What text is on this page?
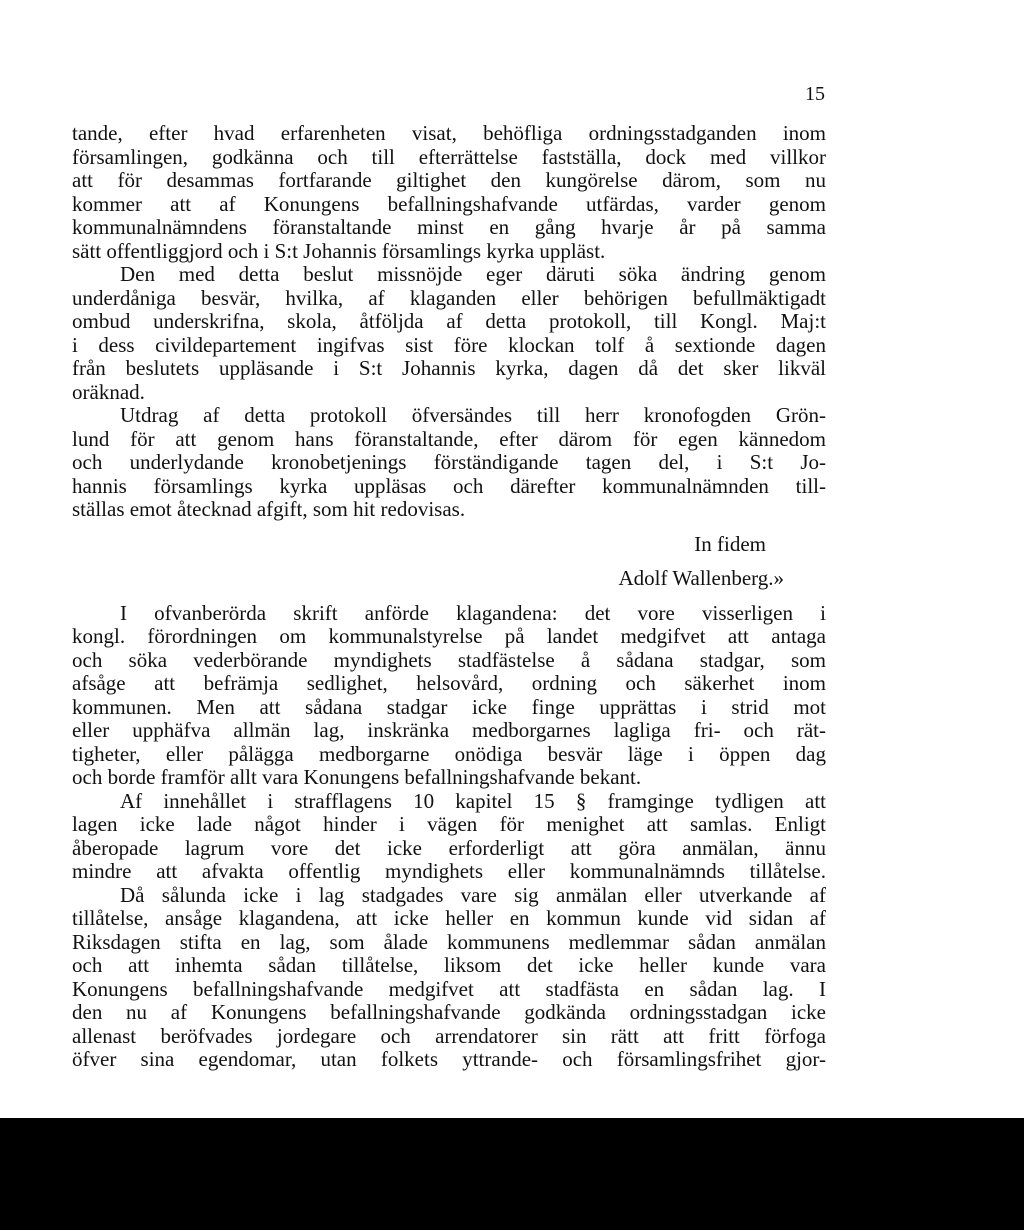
15
tande, efter hvad erfarenheten visat, behöfliga ordningsstadganden inom
församlingen, godkänna och till efterrättelse fastställa, dock med villkor
att för desammas fortfarande giltighet den kungörelse därom, som nu
kommer att af Konungens befallningshafvande utfärdas, varder genom
kommunalnämndens föranstaltande minst en gång hvarje år på samma
sätt offentliggjord och i S:t Johannis församlings kyrka uppläst.
Den med detta beslut missnöjde eger däruti söka ändring genom
underdåniga besvär, hvilka, af klaganden eller behörigen befullmäktigadt
ombud underskrifna, skola, åtföljda af detta protokoll, till Kongl. Maj:t
i dess civildepartement ingifvas sist före klockan tolf å sextionde dagen
från beslutets uppläsande i S:t Johannis kyrka, dagen då det sker likväl
oräknad.
Utdrag af detta protokoll öfversändes till herr kronofogden Grön-
lund för att genom hans föranstaltande, efter därom för egen kännedom
och underlydande kronobetjenings förständigande tagen del, i S:t Jo-
hannis församlings kyrka uppläsas och därefter kommunalnämnden till-
ställas emot åtecknad afgift, som hit redovisas.
In fidem
Adolf Wallenberg.»
I ofvanberörda skrift anförde klagandena: det vore visserligen i
kongl. förordningen om kommunalstyrelse på landet medgifvet att antaga
och söka vederbörande myndighets stadfästelse å sådana stadgar, som
afsåge att befrämja sedlighet, helsovård, ordning och säkerhet inom
kommunen. Men att sådana stadgar icke finge upprättas i strid mot
eller upphäfva allmän lag, inskränka medborgarnes lagliga fri- och rät-
tigheter, eller pålägga medborgarne onödiga besvär läge i öppen dag
och borde framför allt vara Konungens befallningshafvande bekant.
Af innehållet i strafflagens 10 kapitel 15 § framginge tydligen att
lagen icke lade något hinder i vägen för menighet att samlas. Enligt
åberopade lagrum vore det icke erforderligt att göra anmälan, ännu
mindre att afvakta offentlig myndighets eller kommunalnämnds tillåtelse.
Då sålunda icke i lag stadgades vare sig anmälan eller utverkande af
tillåtelse, ansåge klagandena, att icke heller en kommun kunde vid sidan af
Riksdagen stifta en lag, som ålade kommunens medlemmar sådan anmälan
och att inhemta sådan tillåtelse, liksom det icke heller kunde vara
Konungens befallningshafvande medgifvet att stadfästa en sådan lag. I
den nu af Konungens befallningshafvande godkända ordningsstadgan icke
allenast beröfvades jordegare och arrendatorer sin rätt att fritt förfoga
öfver sina egendomar, utan folkets yttrande- och församlingsfrihet gjor-
